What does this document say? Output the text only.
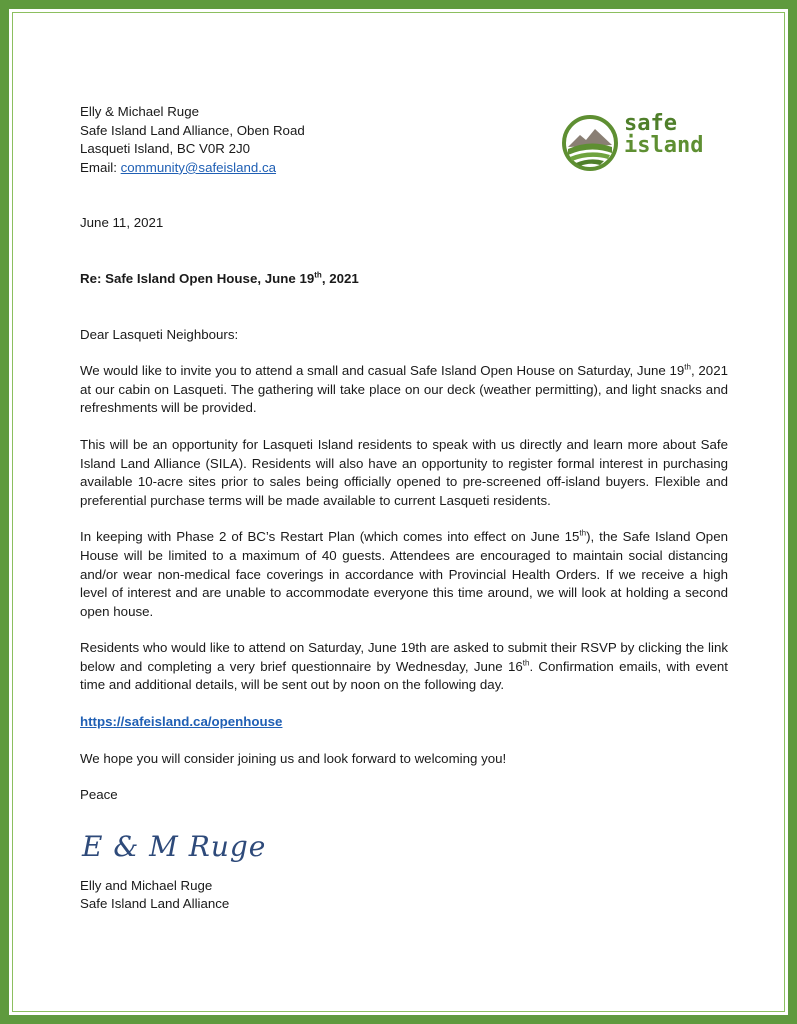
safe
island
Elly & Michael Ruge
Safe Island Land Alliance, Oben Road
Lasqueti Island, BC V0R 2J0
Email: community@safeisland.ca
June 11, 2021
Re: Safe Island Open House, June 19th, 2021
Dear Lasqueti Neighbours:

We would like to invite you to attend a small and casual Safe Island Open House on Saturday, June 19th, 2021 at our cabin on Lasqueti. The gathering will take place on our deck (weather permitting), and light snacks and refreshments will be provided.

This will be an opportunity for Lasqueti Island residents to speak with us directly and learn more about Safe Island Land Alliance (SILA). Residents will also have an opportunity to register formal interest in purchasing available 10-acre sites prior to sales being officially opened to pre-screened off-island buyers. Flexible and preferential purchase terms will be made available to current Lasqueti residents.

In keeping with Phase 2 of BC’s Restart Plan (which comes into effect on June 15th), the Safe Island Open House will be limited to a maximum of 40 guests. Attendees are encouraged to maintain social distancing and/or wear non-medical face coverings in accordance with Provincial Health Orders. If we receive a high level of interest and are unable to accommodate everyone this time around, we will look at holding a second open house.

Residents who would like to attend on Saturday, June 19th are asked to submit their RSVP by clicking the link below and completing a very brief questionnaire by Wednesday, June 16th. Confirmation emails, with event time and additional details, will be sent out by noon on the following day.

https://safeisland.ca/openhouse

We hope you will consider joining us and look forward to welcoming you!

Peace
E & M Ruge
Elly and Michael Ruge
Safe Island Land Alliance
